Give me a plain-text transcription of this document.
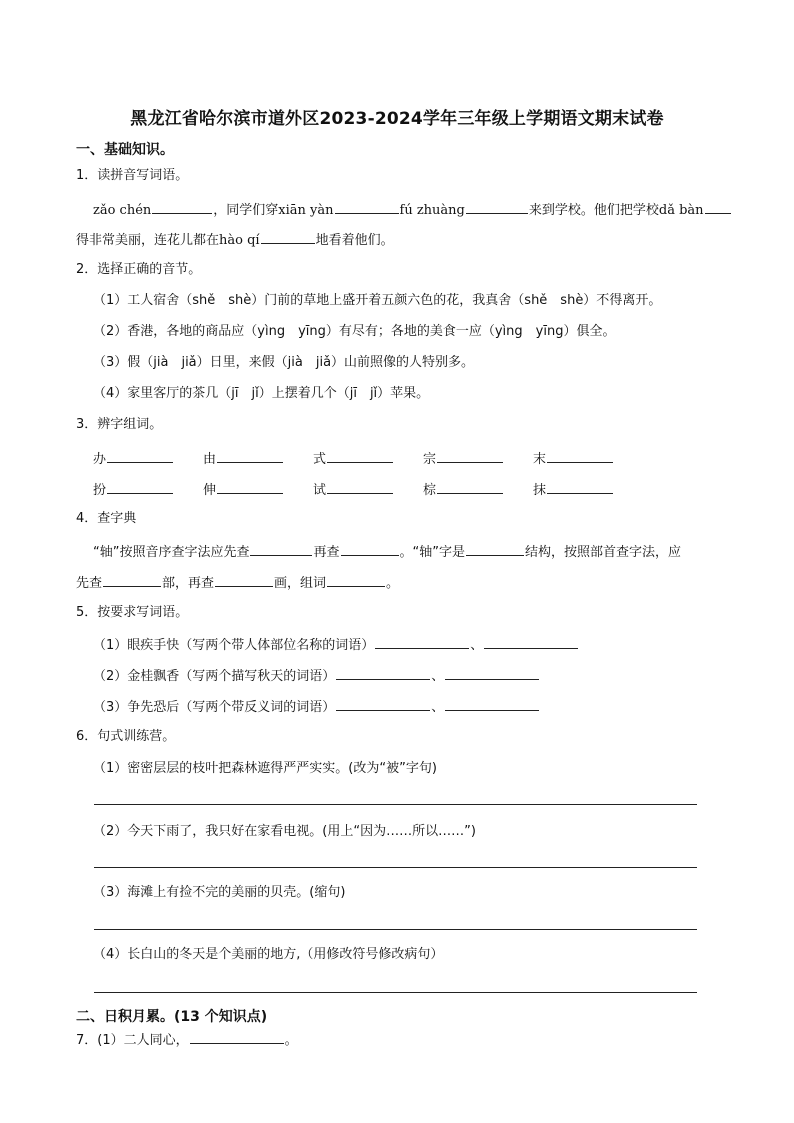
黑龙江省哈尔滨市道外区2023-2024学年三年级上学期语文期末试卷
一、基础知识。
1．读拼音写词语。
zǎo chén	，同学们穿xiān yàn	fú zhuàng	来到学校。他们把学校dǎ bàn
得非常美丽，连花儿都在hào qí	地看着他们。
2．选择正确的音节。
（1）工人宿舍（shě　shè）门前的草地上盛开着五颜六色的花，我真舍（shě　shè）不得离开。
（2）香港，各地的商品应（yìng　yīng）有尽有；各地的美食一应（yìng　yīng）俱全。
（3）假（jià　jiǎ）日里，来假（jià　jiǎ）山前照像的人特别多。
（4）家里客厅的茶几（jī　jǐ）上摆着几个（jī　jǐ）苹果。
3．辨字组词。
办	由	式	宗	末
扮	伸	试	棕	抹
4．查字典
“轴”按照音序查字法应先查	再查	。“轴”字是	结构，按照部首查字法，应
先查	部，再查	画，组词	。
5．按要求写词语。
（1）眼疾手快（写两个带人体部位名称的词语）	、
（2）金桂飘香（写两个描写秋天的词语）	、
（3）争先恐后（写两个带反义词的词语）	、
6．句式训练营。
（1）密密层层的枝叶把森林遮得严严实实。(改为“被”字句)
（2）今天下雨了，我只好在家看电视。(用上“因为……所以……”)
（3）海滩上有捡不完的美丽的贝壳。(缩句)
（4）长白山的冬天是个美丽的地方,（用修改符号修改病句）
二、日积月累。(13 个知识点)
7．(1）二人同心，	。
